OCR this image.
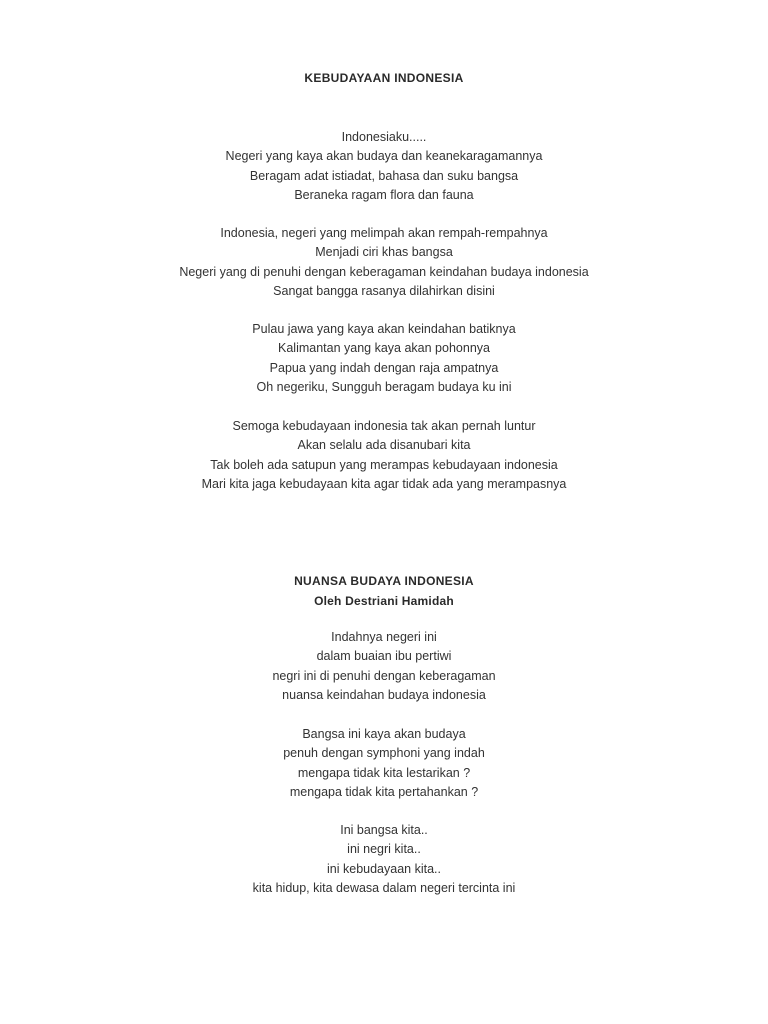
KEBUDAYAAN INDONESIA
Indonesiaku.....
Negeri yang kaya akan budaya dan keanekaragamannya
Beragam adat istiadat, bahasa dan suku bangsa
Beraneka ragam flora dan fauna
Indonesia, negeri yang melimpah akan rempah-rempahnya
Menjadi ciri khas bangsa
Negeri yang di penuhi dengan keberagaman keindahan budaya indonesia
Sangat bangga rasanya dilahirkan disini
Pulau jawa yang kaya akan keindahan batiknya
Kalimantan yang kaya akan pohonnya
Papua yang indah dengan raja ampatnya
Oh negeriku, Sungguh beragam budaya ku ini
Semoga kebudayaan indonesia tak akan pernah luntur
Akan selalu ada disanubari kita
Tak boleh ada satupun yang merampas kebudayaan indonesia
Mari kita jaga kebudayaan kita agar tidak ada yang merampasnya
NUANSA BUDAYA INDONESIA
Oleh Destriani Hamidah
Indahnya negeri ini
dalam buaian ibu pertiwi
negri ini di penuhi dengan keberagaman
nuansa keindahan budaya indonesia
Bangsa ini kaya akan budaya
penuh dengan symphoni yang indah
mengapa tidak kita lestarikan ?
mengapa tidak kita pertahankan ?
Ini bangsa kita..
ini negri kita..
ini kebudayaan kita..
kita hidup, kita dewasa dalam negeri tercinta ini
